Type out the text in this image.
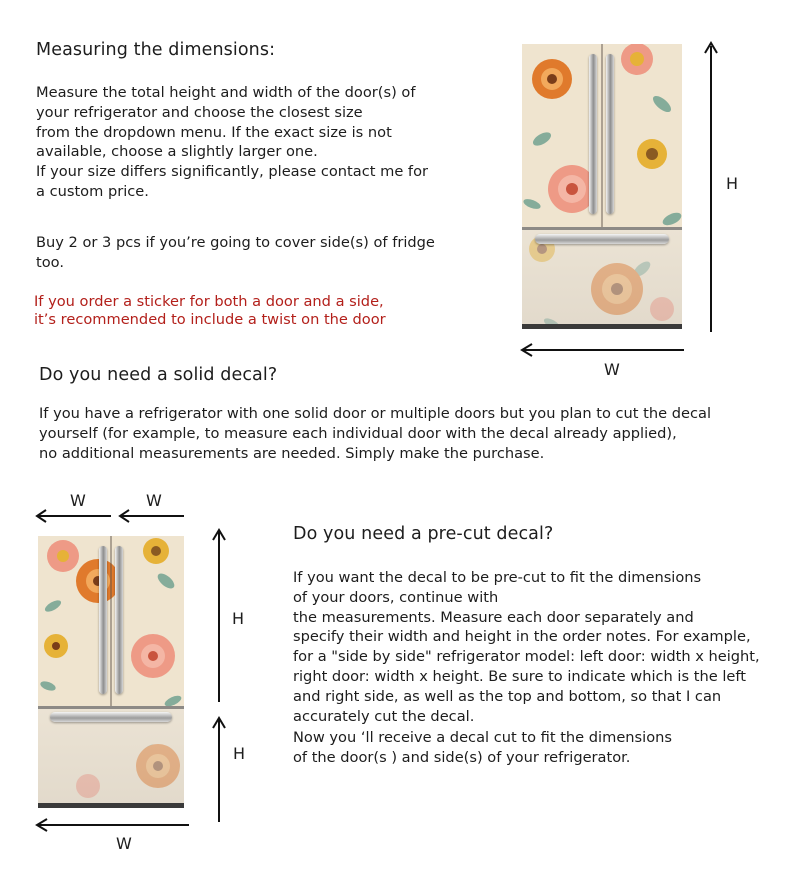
Measuring the dimensions:
Measure the total height and width of the door(s) of
your refrigerator and choose the closest size
from the dropdown menu. If the exact size is not
available, choose a slightly larger one.
If your size differs significantly, please contact me for
a custom price.
Buy 2 or 3 pcs if you’re going to cover side(s) of fridge
too.
If you order a sticker for both a door and a side,
it’s recommended to include a twist on the door
Do you need a solid decal?
If you have a refrigerator with one solid door or multiple doors but you plan to cut the decal
yourself (for example, to measure each individual door with the decal already applied),
no additional measurements are needed. Simply make the purchase.
Do you need a pre-cut decal?
If you want the decal to be pre-cut to fit the dimensions
of your doors, continue with
the measurements. Measure each door separately and
specify their width and height in the order notes. For example,
for a "side by side" refrigerator model: left door: width x height,
right door: width x height. Be sure to indicate which is the left
and right side, as well as the top and bottom, so that I can
accurately cut the decal.
Now you ‘ll receive a decal cut to fit the dimensions
of the door(s ) and side(s) of your refrigerator.
H
W
W	W
H
H
W
